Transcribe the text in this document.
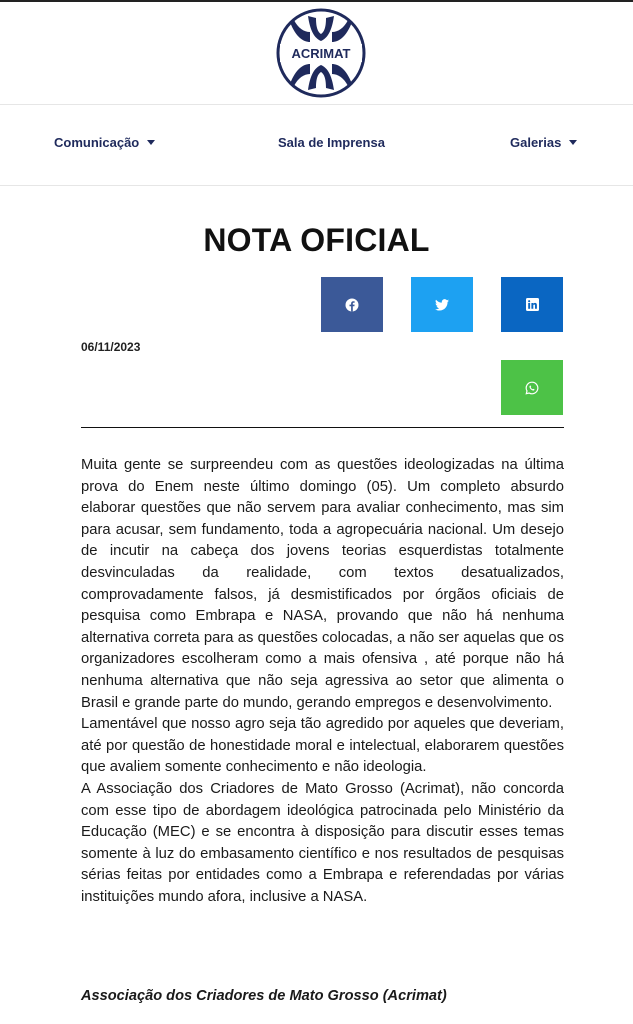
ACRIMAT
Comunicação	Sala de Imprensa	Galerias
NOTA OFICIAL
06/11/2023

Muita gente se surpreendeu com as questões ideologizadas na última prova do Enem neste último domingo (05). Um completo absurdo elaborar questões que não servem para avaliar conhecimento, mas sim para acusar, sem fundamento, toda a agropecuária nacional. Um desejo de incutir na cabeça dos jovens teorias esquerdistas totalmente desvinculadas da realidade, com textos desatualizados, comprovadamente falsos, já desmistificados por órgãos oficiais de pesquisa como Embrapa e NASA, provando que não há nenhuma alternativa correta para as questões colocadas, a não ser aquelas que os organizadores escolheram como a mais ofensiva , até porque não há nenhuma alternativa que não seja agressiva ao setor que alimenta o Brasil e grande parte do mundo, gerando empregos e desenvolvimento.

Lamentável que nosso agro seja tão agredido por aqueles que deveriam, até por questão de honestidade moral e intelectual, elaborarem questões que avaliem somente conhecimento e não ideologia.

A Associação dos Criadores de Mato Grosso (Acrimat), não concorda com esse tipo de abordagem ideológica patrocinada pelo Ministério da Educação (MEC) e se encontra à disposição para discutir esses temas somente à luz do embasamento científico e nos resultados de pesquisas sérias feitas por entidades como a Embrapa e referendadas por várias instituições mundo afora, inclusive a NASA.

Associação dos Criadores de Mato Grosso (Acrimat)
